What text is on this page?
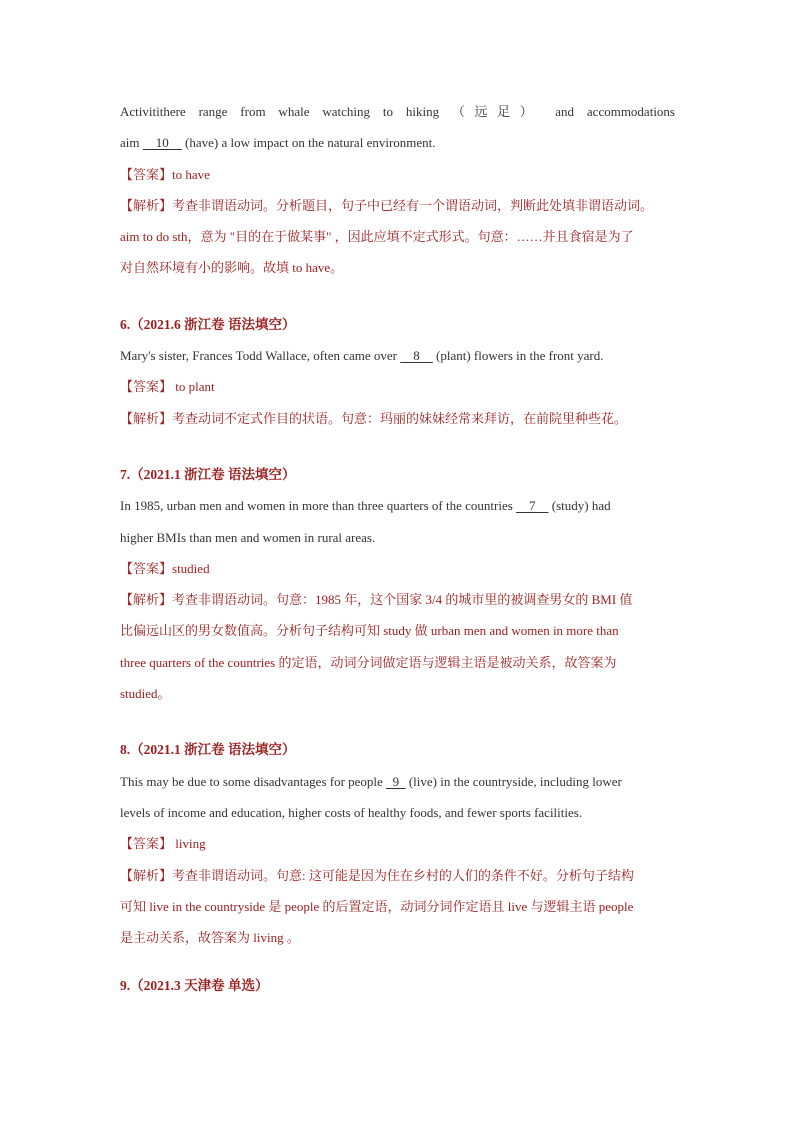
Activitithere range from whale watching to hiking （远足） and accommodations
aim     10     (have) a low impact on the natural environment.
【答案】to have
【解析】考查非谓语动词。分析题目，句子中已经有一个谓语动词，判断此处填非谓语动词。
aim to do sth，意为 "目的在于做某事" ，因此应填不定式形式。句意：……并且食宿是为了
对自然环境有小的影响。故填 to have。
6.（2021.6 浙江卷 语法填空）
Mary's sister, Frances Todd Wallace, often came over     8     (plant) flowers in the front yard.
【答案】 to plant
【解析】考查动词不定式作目的状语。句意：玛丽的妹妹经常来拜访，在前院里种些花。
7.（2021.1 浙江卷 语法填空）
In 1985, urban men and women in more than three quarters of the countries     7     (study) had
higher BMIs than men and women in rural areas.
【答案】studied
【解析】考查非谓语动词。句意：1985 年，这个国家 3/4 的城市里的被调查男女的 BMI 值
比偏远山区的男女数值高。分析句子结构可知 study 做 urban men and women in more than
three quarters of the countries 的定语，动词分词做定语与逻辑主语是被动关系，故答案为
studied。
8.（2021.1 浙江卷 语法填空）
This may be due to some disadvantages for people   9   (live) in the countryside, including lower
levels of income and education, higher costs of healthy foods, and fewer sports facilities.
【答案】 living
【解析】考查非谓语动词。句意: 这可能是因为住在乡村的人们的条件不好。分析句子结构
可知 live in the countryside 是 people 的后置定语，动词分词作定语且 live 与逻辑主语 people
是主动关系，故答案为 living 。
9.（2021.3 天津卷 单选）
